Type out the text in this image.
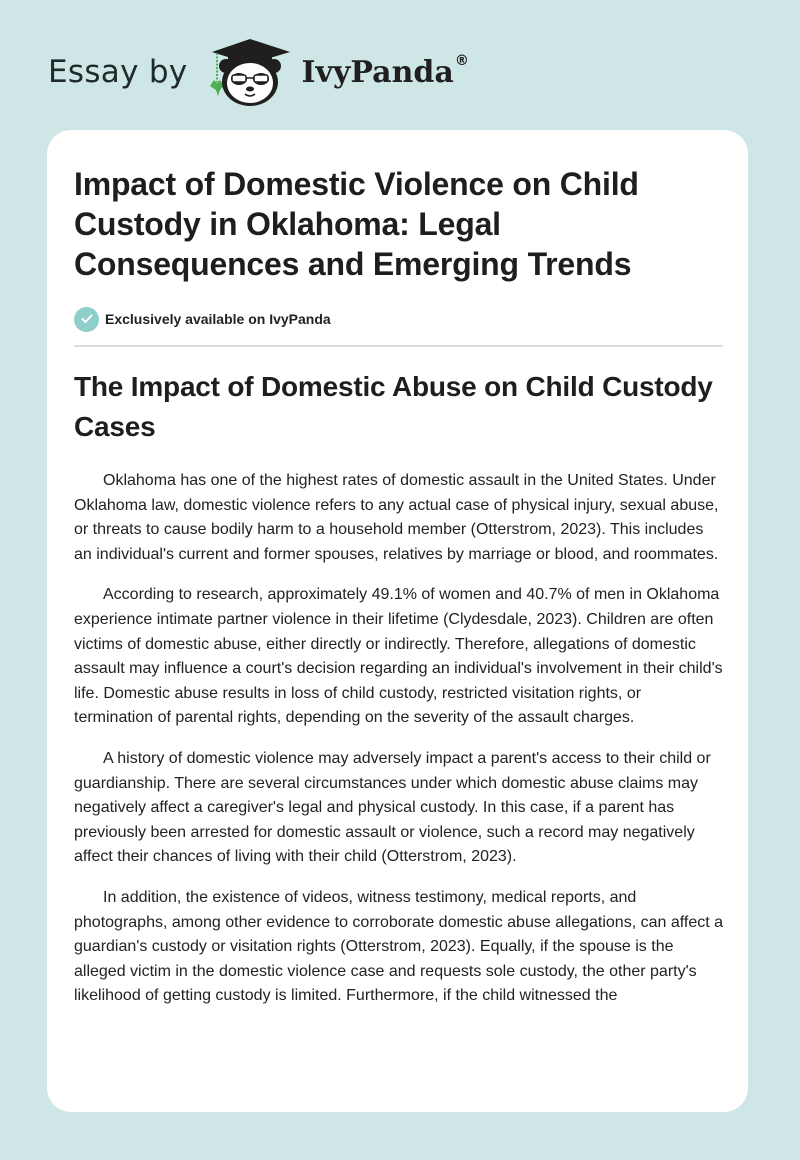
Essay by	IvyPanda®
Impact of Domestic Violence on Child Custody in Oklahoma: Legal Consequences and Emerging Trends
Exclusively available on IvyPanda
The Impact of Domestic Abuse on Child Custody Cases

Oklahoma has one of the highest rates of domestic assault in the United States. Under Oklahoma law, domestic violence refers to any actual case of physical injury, sexual abuse, or threats to cause bodily harm to a household member (Otterstrom, 2023). This includes an individual's current and former spouses, relatives by marriage or blood, and roommates.

According to research, approximately 49.1% of women and 40.7% of men in Oklahoma experience intimate partner violence in their lifetime (Clydesdale, 2023). Children are often victims of domestic abuse, either directly or indirectly. Therefore, allegations of domestic assault may influence a court's decision regarding an individual's involvement in their child's life. Domestic abuse results in loss of child custody, restricted visitation rights, or termination of parental rights, depending on the severity of the assault charges.

A history of domestic violence may adversely impact a parent's access to their child or guardianship. There are several circumstances under which domestic abuse claims may negatively affect a caregiver's legal and physical custody. In this case, if a parent has previously been arrested for domestic assault or violence, such a record may negatively affect their chances of living with their child (Otterstrom, 2023).

In addition, the existence of videos, witness testimony, medical reports, and photographs, among other evidence to corroborate domestic abuse allegations, can affect a guardian's custody or visitation rights (Otterstrom, 2023). Equally, if the spouse is the alleged victim in the domestic violence case and requests sole custody, the other party's likelihood of getting custody is limited. Furthermore, if the child witnessed the
